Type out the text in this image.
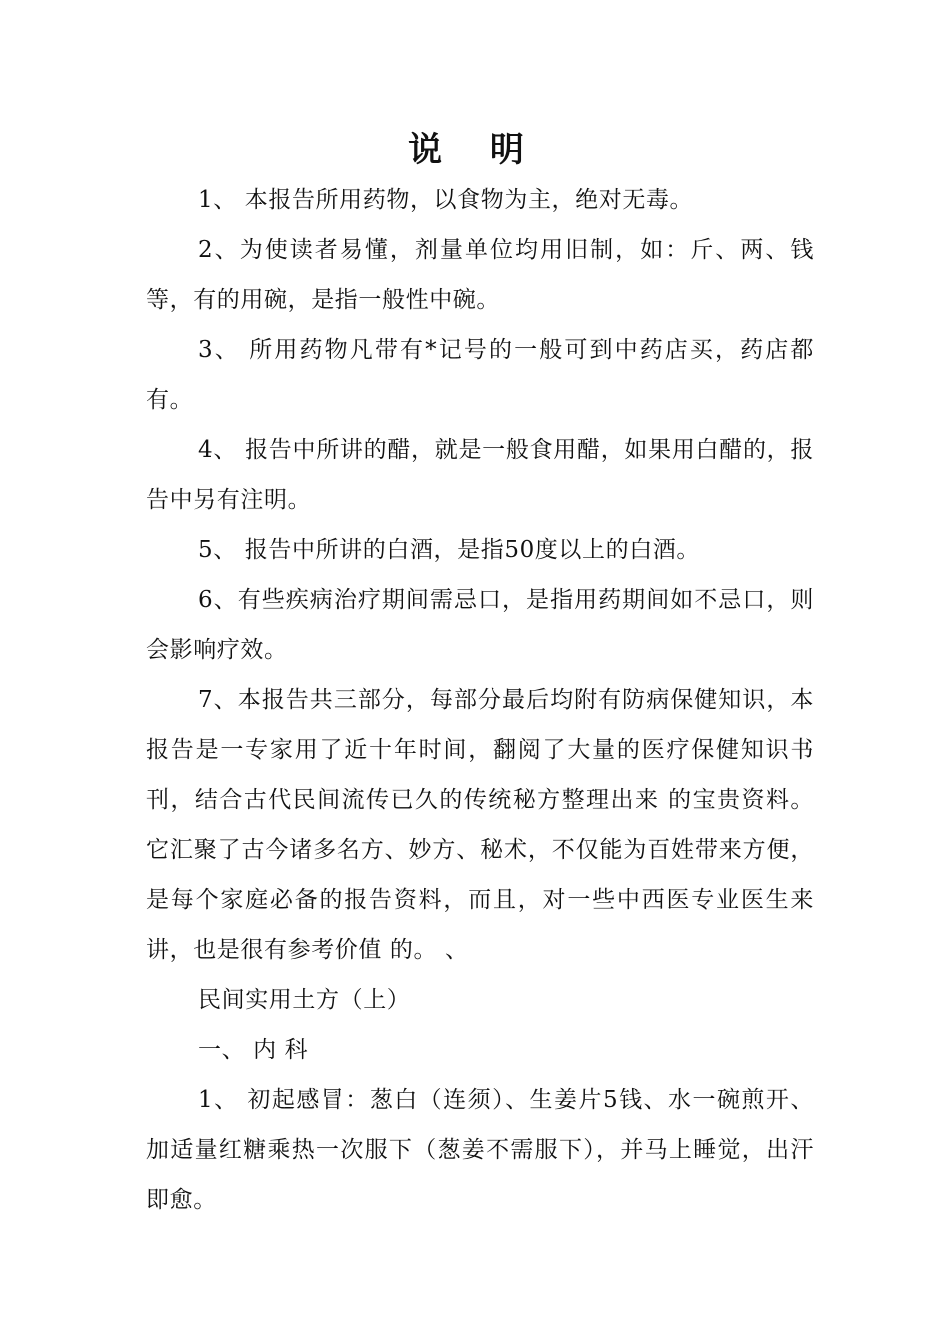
说 明

1、 本报告所用药物，以食物为主，绝对无毒。

2、为使读者易懂，剂量单位均用旧制，如：斤、两、钱等，有的用碗，是指一般性中碗。

3、 所用药物凡带有*记号的一般可到中药店买，药店都有。

4、 报告中所讲的醋，就是一般食用醋，如果用白醋的，报告中另有注明。

5、 报告中所讲的白酒，是指50度以上的白酒。

6、有些疾病治疗期间需忌口，是指用药期间如不忌口，则会影响疗效。

7、本报告共三部分，每部分最后均附有防病保健知识，本报告是一专家用了近十年时间，翻阅了大量的医疗保健知识书刊，结合古代民间流传已久的传统秘方整理出来 的宝贵资料。它汇聚了古今诸多名方、妙方、秘术，不仅能为百姓带来方便，是每个家庭必备的报告资料，而且，对一些中西医专业医生来讲，也是很有参考价值 的。 、

民间实用土方（上）

一、 内 科

1、 初起感冒：葱白（连须）、生姜片5钱、水一碗煎开、加适量红糖乘热一次服下（葱姜不需服下），并马上睡觉，出汗即愈。
